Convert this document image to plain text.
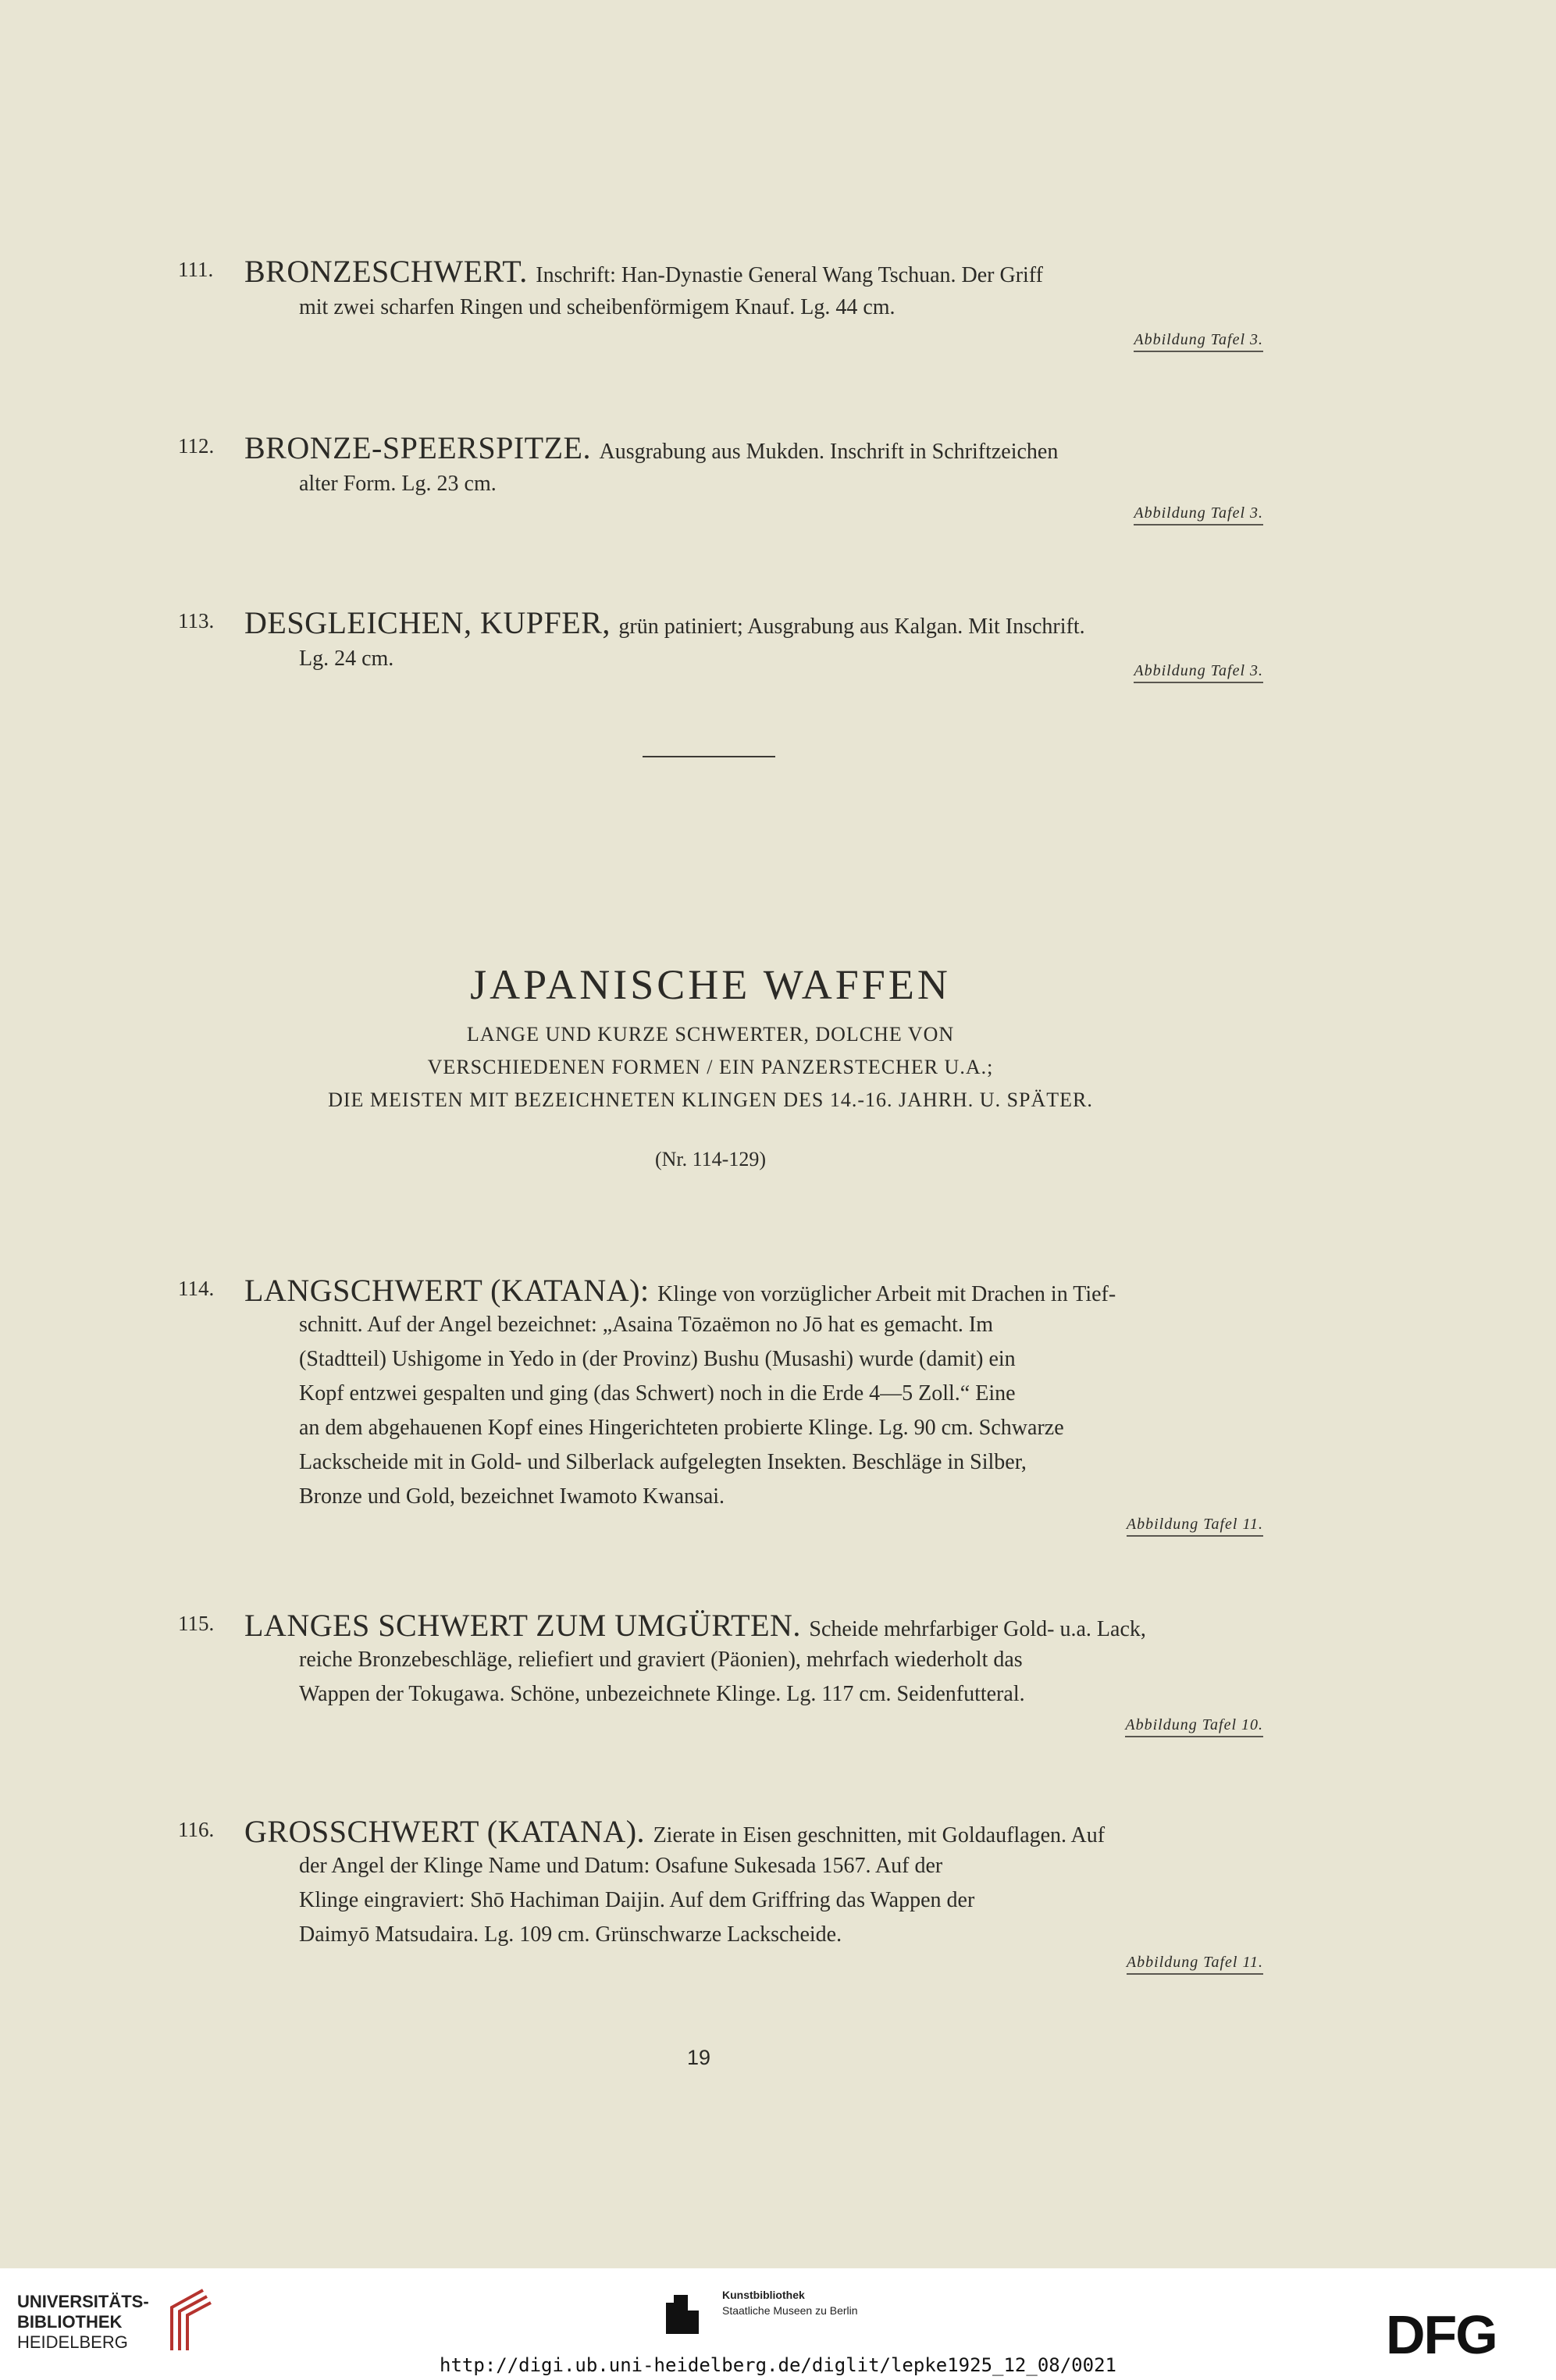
111. BRONZESCHWERT. Inschrift: Han-Dynastie General Wang Tschuan. Der Griff
mit zwei scharfen Ringen und scheibenförmigem Knauf. Lg. 44 cm.
Abbildung Tafel 3.
112. BRONZE-SPEERSPITZE. Ausgrabung aus Mukden. Inschrift in Schriftzeichen
alter Form. Lg. 23 cm.
Abbildung Tafel 3.
113. DESGLEICHEN, KUPFER, grün patiniert; Ausgrabung aus Kalgan. Mit Inschrift.
Lg. 24 cm.	Abbildung Tafel 3.
JAPANISCHE WAFFEN
LANGE UND KURZE SCHWERTER, DOLCHE VON
VERSCHIEDENEN FORMEN / EIN PANZERSTECHER U.A.;
DIE MEISTEN MIT BEZEICHNETEN KLINGEN DES 14.-16. JAHRH. U. SPÄTER.
(Nr. 114-129)
114. LANGSCHWERT (KATANA): Klinge von vorzüglicher Arbeit mit Drachen in Tief-
schnitt. Auf der Angel bezeichnet: „Asaina Tōzaëmon no Jō hat es gemacht. Im
(Stadtteil) Ushigome in Yedo in (der Provinz) Bushu (Musashi) wurde (damit) ein
Kopf entzwei gespalten und ging (das Schwert) noch in die Erde 4—5 Zoll.“ Eine
an dem abgehauenen Kopf eines Hingerichteten probierte Klinge. Lg. 90 cm. Schwarze
Lackscheide mit in Gold- und Silberlack aufgelegten Insekten. Beschläge in Silber,
Bronze und Gold, bezeichnet Iwamoto Kwansai.
Abbildung Tafel 11.
115. LANGES SCHWERT ZUM UMGÜRTEN. Scheide mehrfarbiger Gold- u.a. Lack,
reiche Bronzebeschläge, reliefiert und graviert (Päonien), mehrfach wiederholt das
Wappen der Tokugawa. Schöne, unbezeichnete Klinge. Lg. 117 cm. Seidenfutteral.
Abbildung Tafel 10.
116. GROSSCHWERT (KATANA). Zierate in Eisen geschnitten, mit Goldauflagen. Auf
der Angel der Klinge Name und Datum: Osafune Sukesada 1567. Auf der
Klinge eingraviert: Shō Hachiman Daijin. Auf dem Griffring das Wappen der
Daimyō Matsudaira. Lg. 109 cm. Grünschwarze Lackscheide.
Abbildung Tafel 11.
19
UNIVERSITÄTS-
BIBLIOTHEK
HEIDELBERG
Kunstbibliothek
Staatliche Museen zu Berlin	DFG
http://digi.ub.uni-heidelberg.de/diglit/lepke1925_12_08/0021
